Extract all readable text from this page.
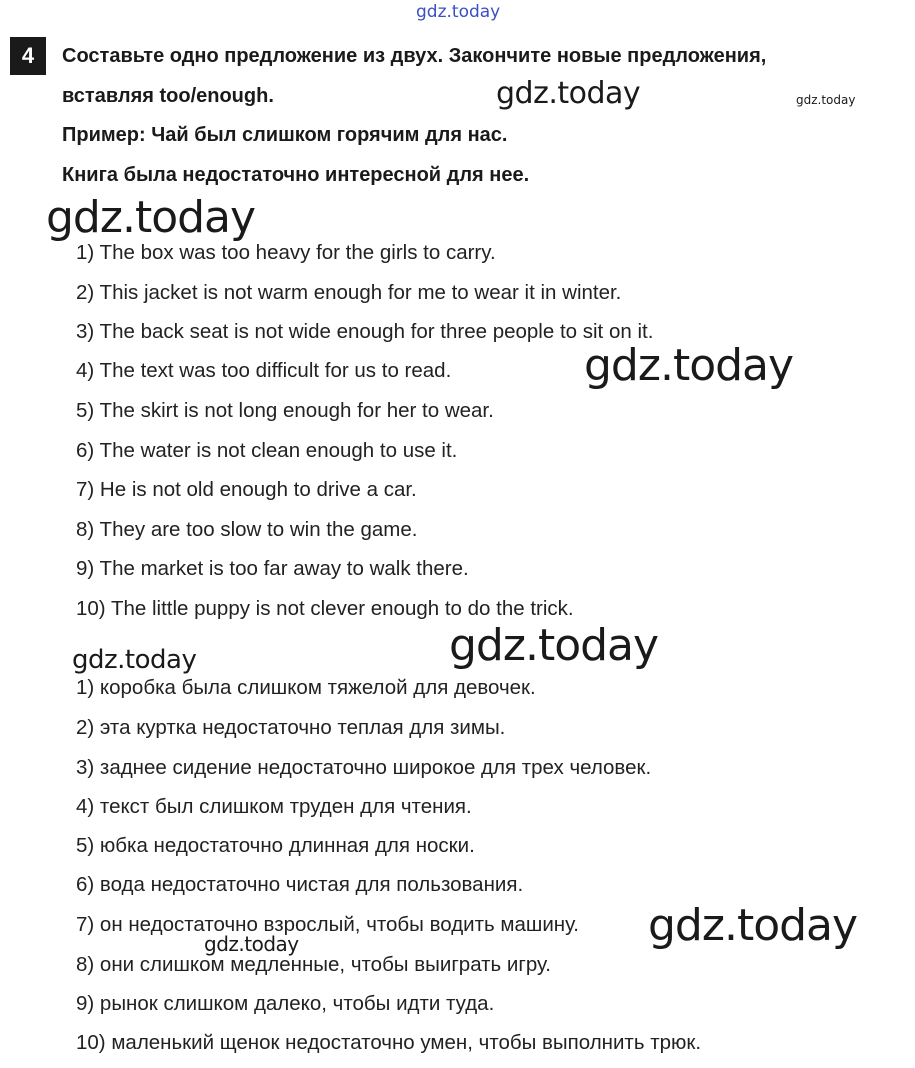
gdz.today
gdz.today	gdz.today
gdz.today
gdz.today
gdz.today
gdz.today
gdz.today
gdz.today
4	Составьте одно предложение из двух. Закончите новые предложения,
вставляя too/enough.
Пример: Чай был слишком горячим для нас.
Книга была недостаточно интересной для нее.
1) The box was too heavy for the girls to carry.
2) This jacket is not warm enough for me to wear it in winter.
3) The back seat is not wide enough for three people to sit on it.
4) The text was too difficult for us to read.
5) The skirt is not long enough for her to wear.
6) The water is not clean enough to use it.
7) He is not old enough to drive a car.
8) They are too slow to win the game.
9) The market is too far away to walk there.
10) The little puppy is not clever enough to do the trick.
1) коробка была слишком тяжелой для девочек.
2) эта куртка недостаточно теплая для зимы.
3) заднее сидение недостаточно широкое для трех человек.
4) текст был слишком труден для чтения.
5) юбка недостаточно длинная для носки.
6) вода недостаточно чистая для пользования.
7) он недостаточно взрослый, чтобы водить машину.
8) они слишком медленные, чтобы выиграть игру.
9) рынок слишком далеко, чтобы идти туда.
10) маленький щенок недостаточно умен, чтобы выполнить трюк.
